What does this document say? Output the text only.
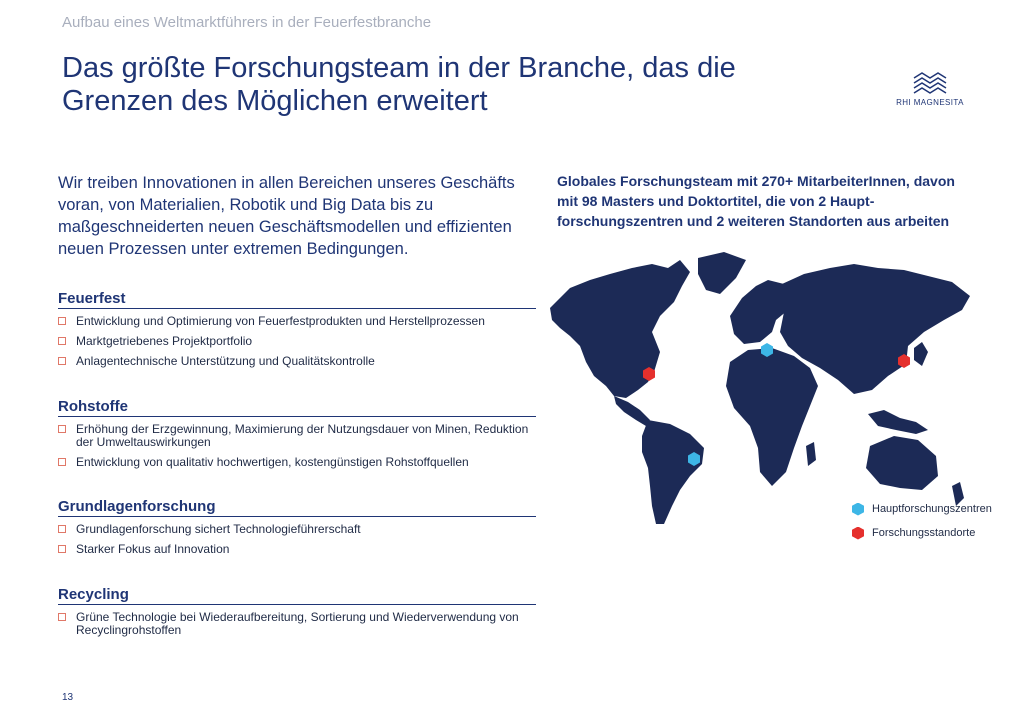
Aufbau eines Weltmarktführers in der Feuerfestbranche
Das größte Forschungsteam in der Branche, das die Grenzen des Möglichen erweitert	RHI MAGNESITA
Wir treiben Innovationen in allen Bereichen unseres Geschäfts voran, von Materialien, Robotik und Big Data bis zu maßgeschneiderten neuen Geschäftsmodellen und effizienten neuen Prozessen unter extremen Bedingungen.
Feuerfest
Entwicklung und Optimierung von Feuerfestprodukten und Herstellprozessen
Marktgetriebenes Projektportfolio
Anlagentechnische Unterstützung und Qualitätskontrolle
Rohstoffe
Erhöhung der Erzgewinnung, Maximierung der Nutzungsdauer von Minen, Reduktion der Umweltauswirkungen
Entwicklung von qualitativ hochwertigen, kostengünstigen Rohstoffquellen
Grundlagenforschung
Grundlagenforschung sichert Technologieführerschaft
Starker Fokus auf Innovation
Recycling
Grüne Technologie bei Wiederaufbereitung, Sortierung und Wiederverwendung von Recyclingrohstoffen
Globales Forschungsteam mit 270+ MitarbeiterInnen, davon mit 98 Masters und Doktortitel, die von 2 Haupt-forschungszentren und 2 weiteren Standorten aus arbeiten
Hauptforschungszentren
Forschungsstandorte
13
